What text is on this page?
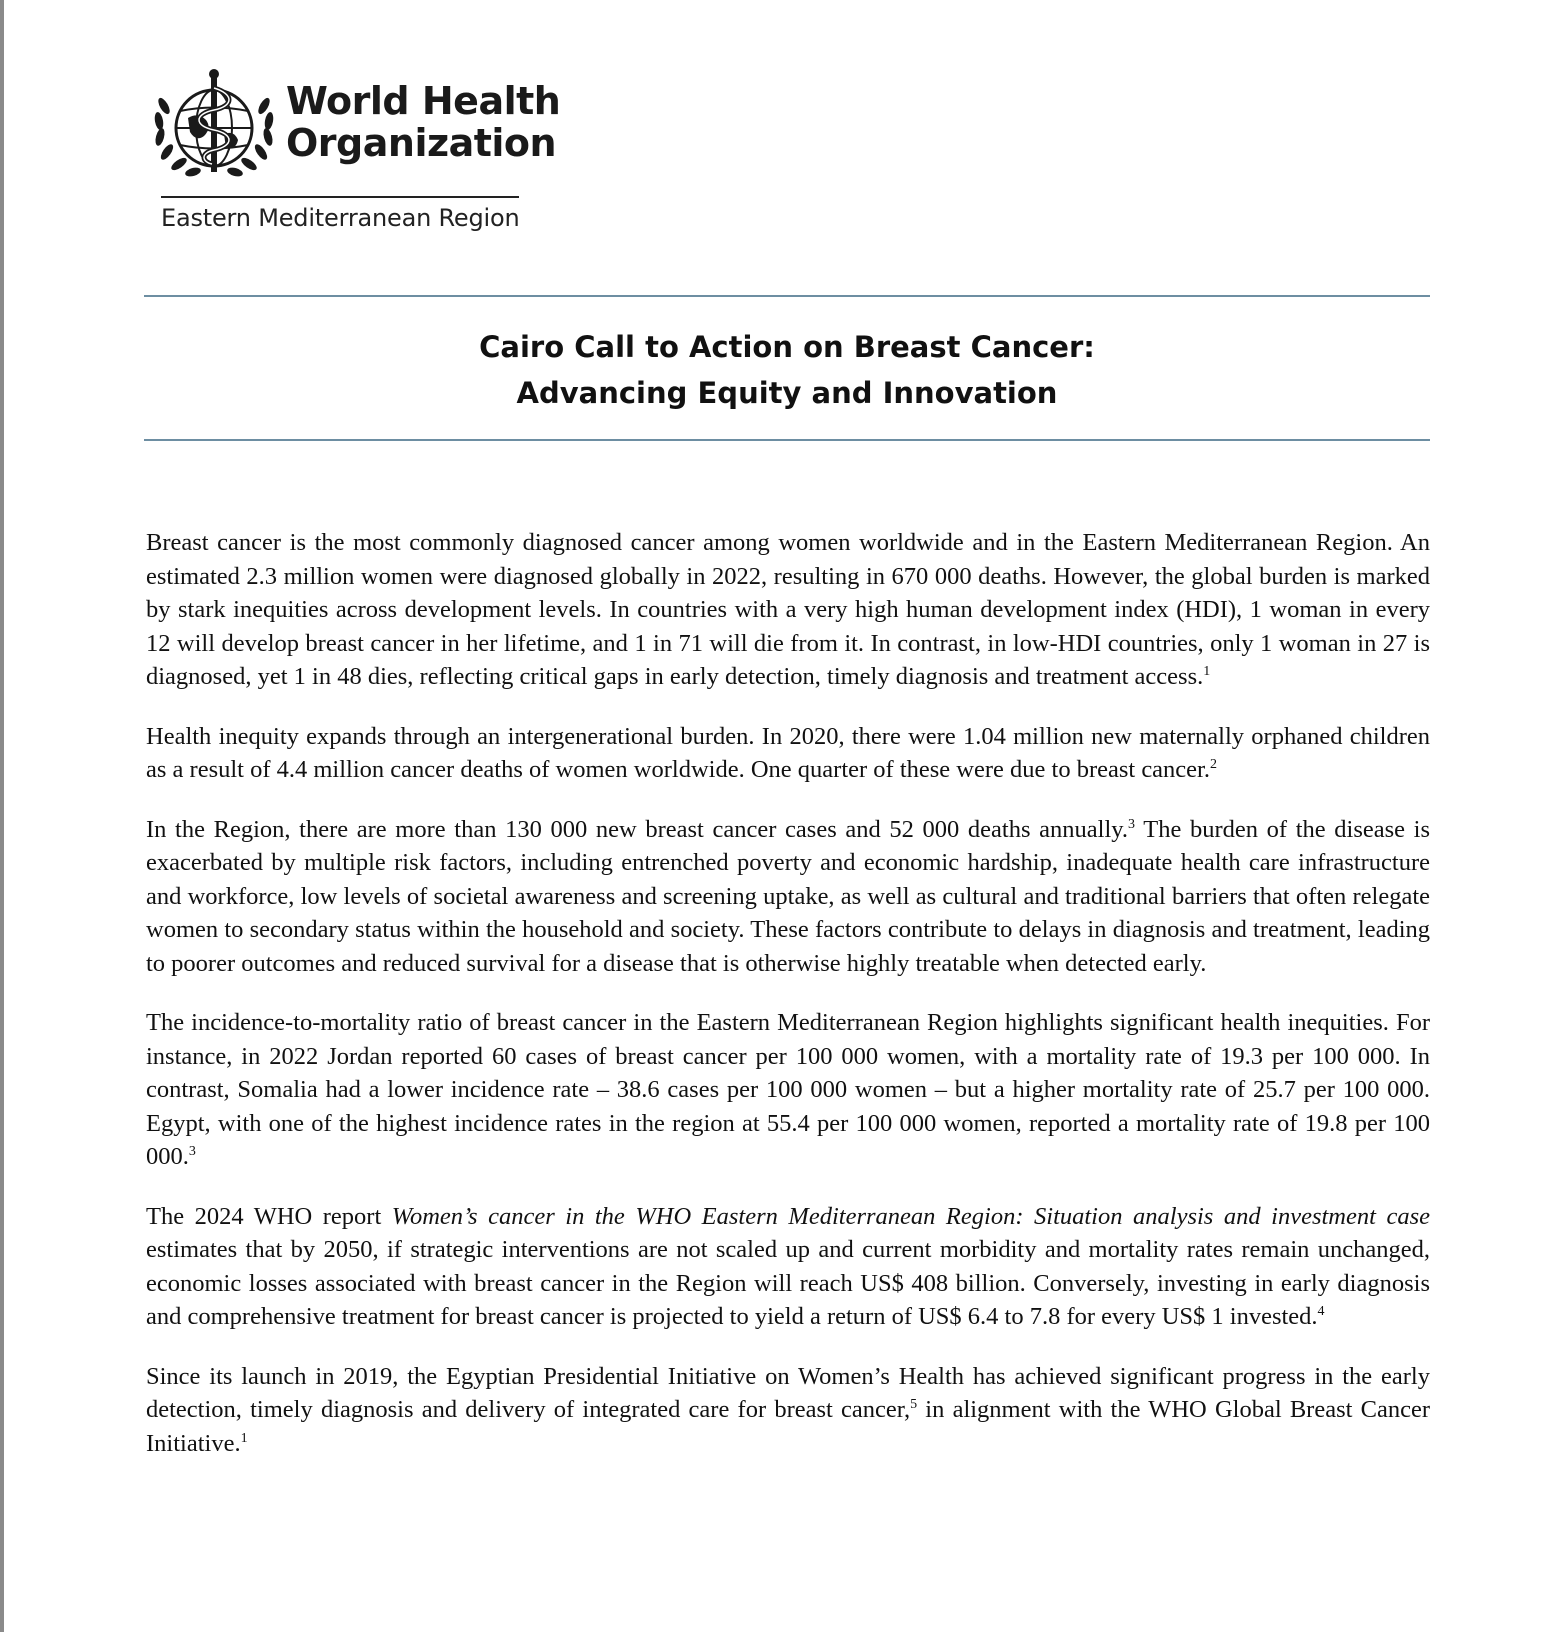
World Health
Organization
Eastern Mediterranean Region
Cairo Call to Action on Breast Cancer:
Advancing Equity and Innovation

Breast cancer is the most commonly diagnosed cancer among women worldwide and in the Eastern Mediterranean Region. An estimated 2.3 million women were diagnosed globally in 2022, resulting in 670 000 deaths. However, the global burden is marked by stark inequities across development levels. In countries with a very high human development index (HDI), 1 woman in every 12 will develop breast cancer in her lifetime, and 1 in 71 will die from it. In contrast, in low-HDI countries, only 1 woman in 27 is diagnosed, yet 1 in 48 dies, reflecting critical gaps in early detection, timely diagnosis and treatment access.$^1$

Health inequity expands through an intergenerational burden. In 2020, there were 1.04 million new maternally orphaned children as a result of 4.4 million cancer deaths of women worldwide. One quarter of these were due to breast cancer.$^2$

In the Region, there are more than 130 000 new breast cancer cases and 52 000 deaths annually.$^3$ The burden of the disease is exacerbated by multiple risk factors, including entrenched poverty and economic hardship, inadequate health care infrastructure and workforce, low levels of societal awareness and screening uptake, as well as cultural and traditional barriers that often relegate women to secondary status within the household and society. These factors contribute to delays in diagnosis and treatment, leading to poorer outcomes and reduced survival for a disease that is otherwise highly treatable when detected early.

The incidence-to-mortality ratio of breast cancer in the Eastern Mediterranean Region highlights significant health inequities. For instance, in 2022 Jordan reported 60 cases of breast cancer per 100 000 women, with a mortality rate of 19.3 per 100 000. In contrast, Somalia had a lower incidence rate – 38.6 cases per 100 000 women – but a higher mortality rate of 25.7 per 100 000. Egypt, with one of the highest incidence rates in the region at 55.4 per 100 000 women, reported a mortality rate of 19.8 per 100 000.$^3$

The 2024 WHO report Women’s cancer in the WHO Eastern Mediterranean Region: Situation analysis and investment case estimates that by 2050, if strategic interventions are not scaled up and current morbidity and mortality rates remain unchanged, economic losses associated with breast cancer in the Region will reach US$ 408 billion. Conversely, investing in early diagnosis and comprehensive treatment for breast cancer is projected to yield a return of US$ 6.4 to 7.8 for every US$ 1 invested.$^4$

Since its launch in 2019, the Egyptian Presidential Initiative on Women’s Health has achieved significant progress in the early detection, timely diagnosis and delivery of integrated care for breast cancer,$^5$ in alignment with the WHO Global Breast Cancer Initiative.$^1$
